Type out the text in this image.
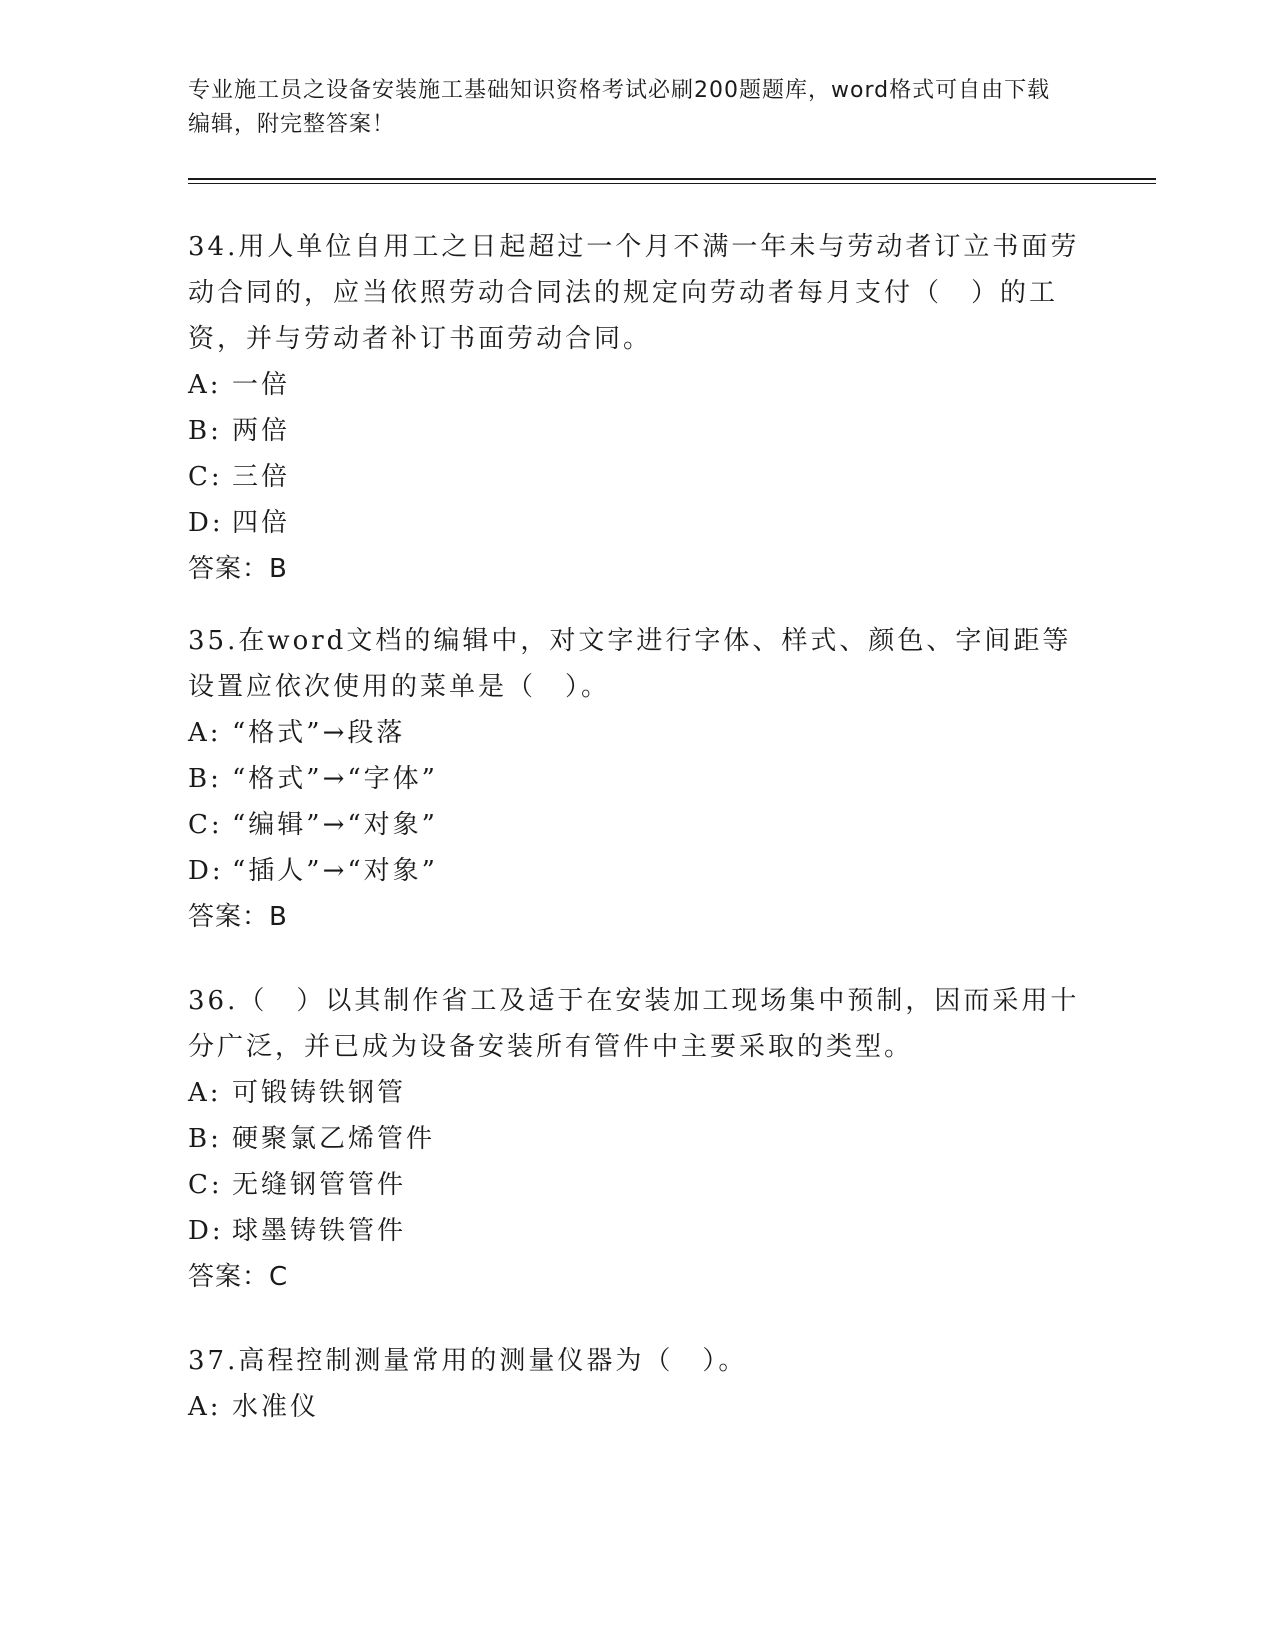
专业施工员之设备安装施工基础知识资格考试必刷200题题库，word格式可自由下载编辑，附完整答案！

34.用人单位自用工之日起超过一个月不满一年未与劳动者订立书面劳动合同的，应当依照劳动合同法的规定向劳动者每月支付（　）的工资，并与劳动者补订书面劳动合同。

A: 一倍

B: 两倍

C: 三倍

D: 四倍

答案：B

35.在word文档的编辑中，对文字进行字体、样式、颜色、字间距等设置应依次使用的菜单是（　）。

A: “格式”→段落

B: “格式”→“字体”

C: “编辑”→“对象”

D: “插人”→“对象”

答案：B

36.（　）以其制作省工及适于在安装加工现场集中预制，因而采用十分广泛，并已成为设备安装所有管件中主要采取的类型。

A: 可锻铸铁钢管

B: 硬聚氯乙烯管件

C: 无缝钢管管件

D: 球墨铸铁管件

答案：C

37.高程控制测量常用的测量仪器为（　）。

A: 水准仪
